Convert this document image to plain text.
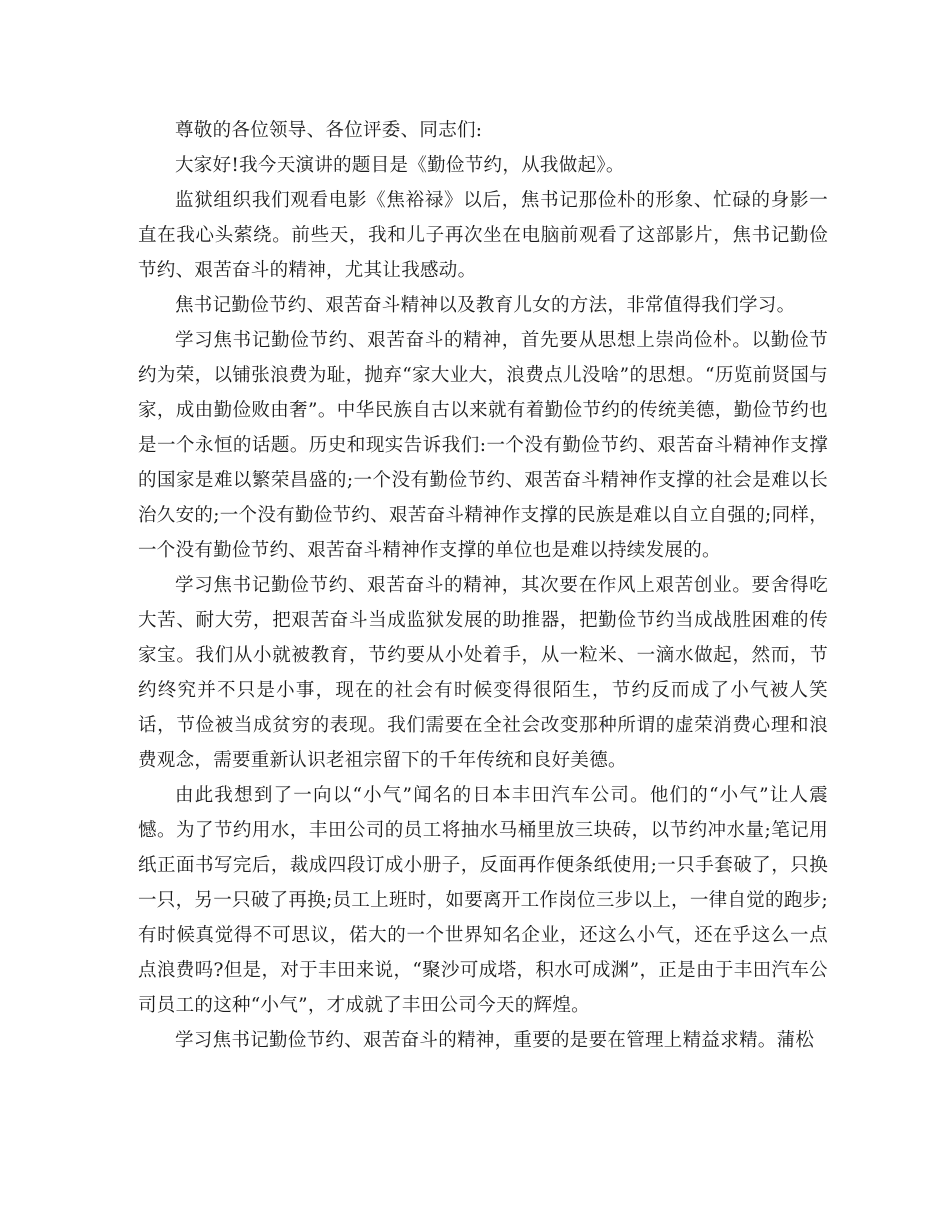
尊敬的各位领导、各位评委、同志们:

大家好!我今天演讲的题目是《勤俭节约，从我做起》。

监狱组织我们观看电影《焦裕禄》以后，焦书记那俭朴的形象、忙碌的身影一直在我心头萦绕。前些天，我和儿子再次坐在电脑前观看了这部影片，焦书记勤俭节约、艰苦奋斗的精神，尤其让我感动。

焦书记勤俭节约、艰苦奋斗精神以及教育儿女的方法，非常值得我们学习。

学习焦书记勤俭节约、艰苦奋斗的精神，首先要从思想上崇尚俭朴。以勤俭节约为荣，以铺张浪费为耻，抛弃“家大业大，浪费点儿没啥”的思想。“历览前贤国与家，成由勤俭败由奢”。中华民族自古以来就有着勤俭节约的传统美德，勤俭节约也是一个永恒的话题。历史和现实告诉我们:一个没有勤俭节约、艰苦奋斗精神作支撑的国家是难以繁荣昌盛的;一个没有勤俭节约、艰苦奋斗精神作支撑的社会是难以长治久安的;一个没有勤俭节约、艰苦奋斗精神作支撑的民族是难以自立自强的;同样，一个没有勤俭节约、艰苦奋斗精神作支撑的单位也是难以持续发展的。

学习焦书记勤俭节约、艰苦奋斗的精神，其次要在作风上艰苦创业。要舍得吃大苦、耐大劳，把艰苦奋斗当成监狱发展的助推器，把勤俭节约当成战胜困难的传家宝。我们从小就被教育，节约要从小处着手，从一粒米、一滴水做起，然而，节约终究并不只是小事，现在的社会有时候变得很陌生，节约反而成了小气被人笑话，节俭被当成贫穷的表现。我们需要在全社会改变那种所谓的虚荣消费心理和浪费观念，需要重新认识老祖宗留下的千年传统和良好美德。

由此我想到了一向以“小气”闻名的日本丰田汽车公司。他们的“小气”让人震憾。为了节约用水，丰田公司的员工将抽水马桶里放三块砖，以节约冲水量;笔记用纸正面书写完后，裁成四段订成小册子，反面再作便条纸使用;一只手套破了，只换一只，另一只破了再换;员工上班时，如要离开工作岗位三步以上，一律自觉的跑步;有时候真觉得不可思议，偌大的一个世界知名企业，还这么小气，还在乎这么一点点浪费吗?但是，对于丰田来说，“聚沙可成塔，积水可成渊”，正是由于丰田汽车公司员工的这种“小气”，才成就了丰田公司今天的辉煌。

学习焦书记勤俭节约、艰苦奋斗的精神，重要的是要在管理上精益求精。蒲松
